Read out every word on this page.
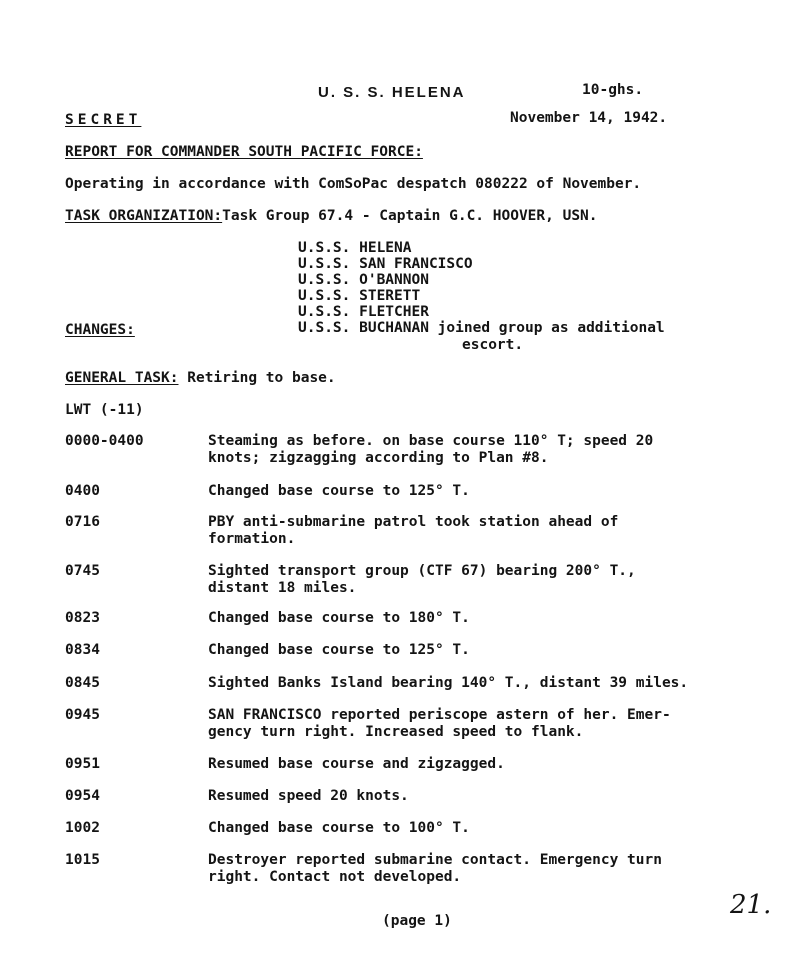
U. S. S. HELENA	10-ghs.
SECRET	November 14, 1942.
REPORT FOR COMMANDER SOUTH PACIFIC FORCE:
Operating in accordance with ComSoPac despatch 080222 of November.
TASK ORGANIZATION:Task Group 67.4 - Captain G.C. HOOVER, USN.
U.S.S. HELENA
U.S.S. SAN FRANCISCO
U.S.S. O'BANNON
U.S.S. STERETT
U.S.S. FLETCHER
CHANGES:	U.S.S. BUCHANAN joined group as additional
escort.
GENERAL TASK: Retiring to base.
LWT (-11)
0000-0400	Steaming as before. on base course 110° T; speed 20
knots; zigzagging according to Plan #8.
0400	Changed base course to 125° T.
0716	PBY anti-submarine patrol took station ahead of
formation.
0745	Sighted transport group (CTF 67) bearing 200° T.,
distant 18 miles.
0823	Changed base course to 180° T.
0834	Changed base course to 125° T.
0845	Sighted Banks Island bearing 140° T., distant 39 miles.
0945	SAN FRANCISCO reported periscope astern of her. Emer-
gency turn right. Increased speed to flank.
0951	Resumed base course and zigzagged.
0954	Resumed speed 20 knots.
1002	Changed base course to 100° T.
1015	Destroyer reported submarine contact. Emergency turn
right. Contact not developed.
(page 1)
21.
